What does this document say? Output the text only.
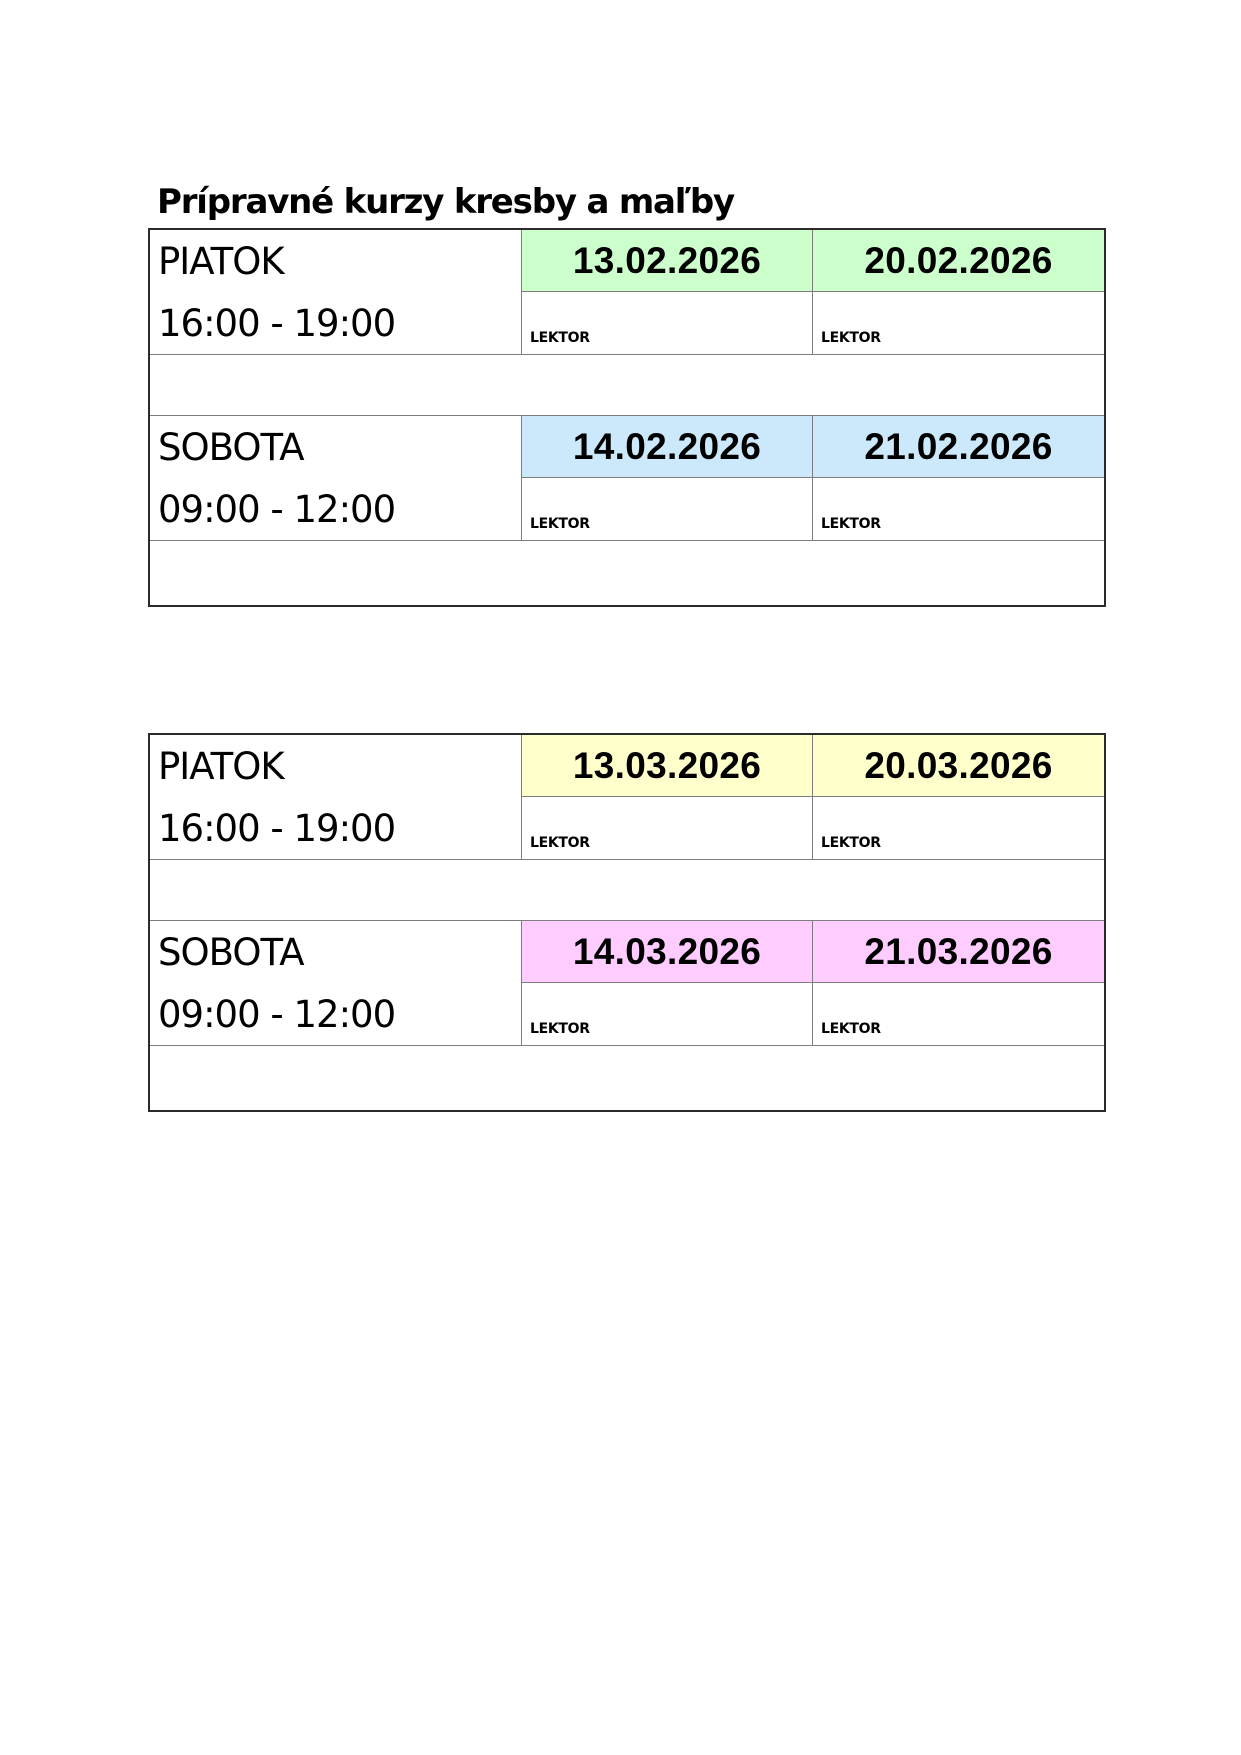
Prípravné kurzy kresby a maľby
PIATOK
16:00 - 19:00
13.02.2026	20.02.2026
LEKTOR	LEKTOR
SOBOTA
09:00 - 12:00
14.02.2026	21.02.2026
LEKTOR	LEKTOR
PIATOK
16:00 - 19:00
13.03.2026	20.03.2026
LEKTOR	LEKTOR
SOBOTA
09:00 - 12:00
14.03.2026	21.03.2026
LEKTOR	LEKTOR
